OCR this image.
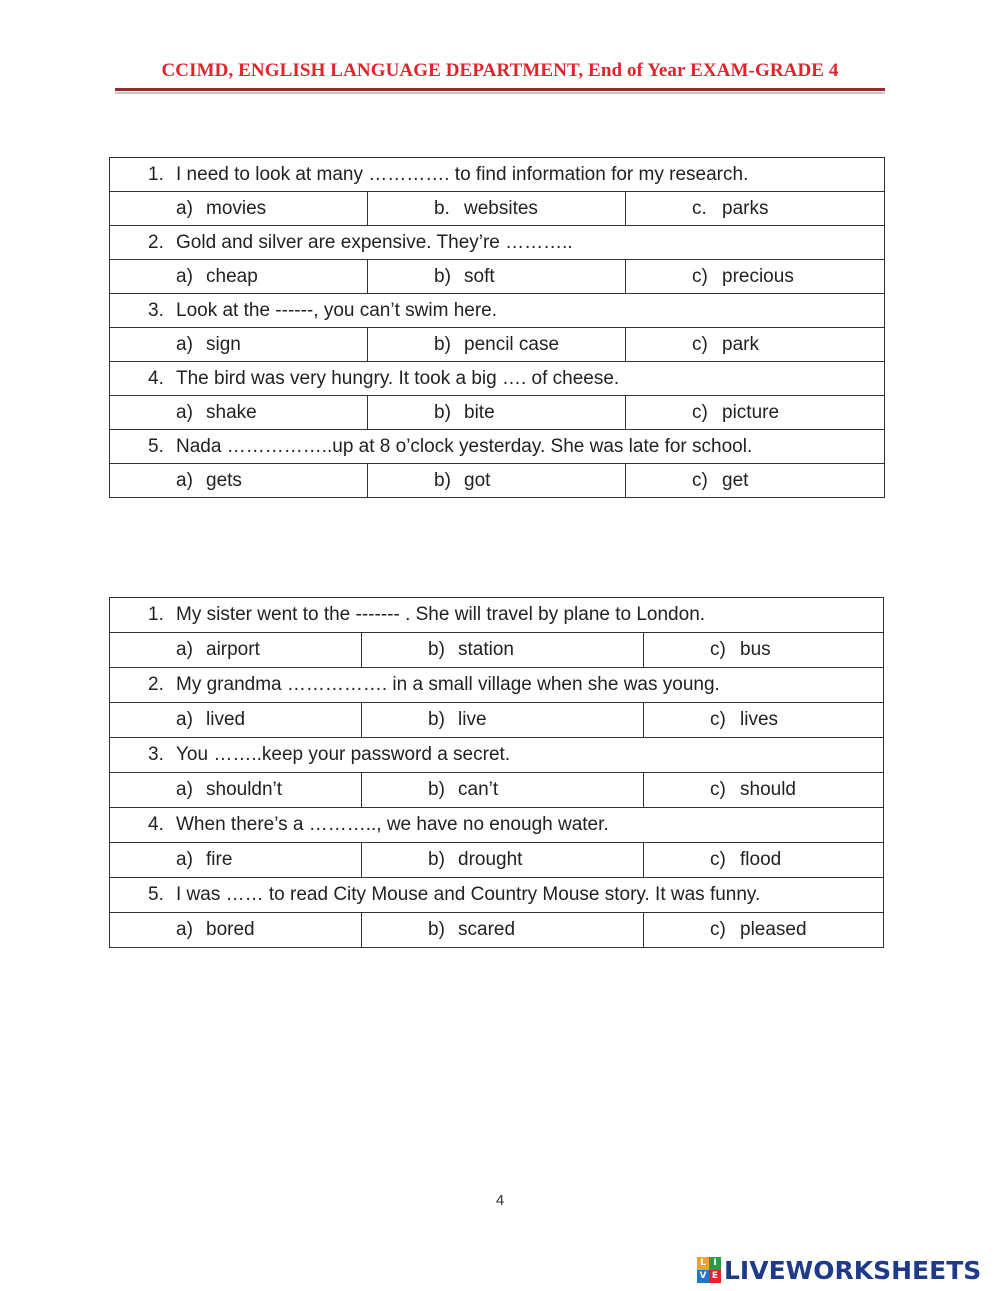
CCIMD, ENGLISH LANGUAGE DEPARTMENT, End of Year EXAM-GRADE 4
1. I need to look at many …………. to find information for my research.		
a) movies	b. websites	c. parks
2. Gold and silver are expensive. They’re ………..		
a) cheap	b) soft	c) precious
3. Look at the ------, you can’t swim here.		
a) sign	b) pencil case	c) park
4. The bird was very hungry. It took a big …. of cheese.		
a) shake	b) bite	c) picture
5. Nada ……………..up at 8 o’clock yesterday. She was late for school.		
a) gets	b) got	c) get
1. My sister went to the ------- . She will travel by plane to London.		
a) airport	b) station	c) bus
2. My grandma ……………. in a small village when she was young.		
a) lived	b) live	c) lives
3. You ……..keep your password a secret.		
a) shouldn’t	b) can’t	c) should
4. When there’s a ……….., we have no enough water.		
a) fire	b) drought	c) flood
5. I was …… to read City Mouse and Country Mouse story. It was funny.		
a) bored	b) scared	c) pleased
4
L I
V E LIVEWORKSHEETS
